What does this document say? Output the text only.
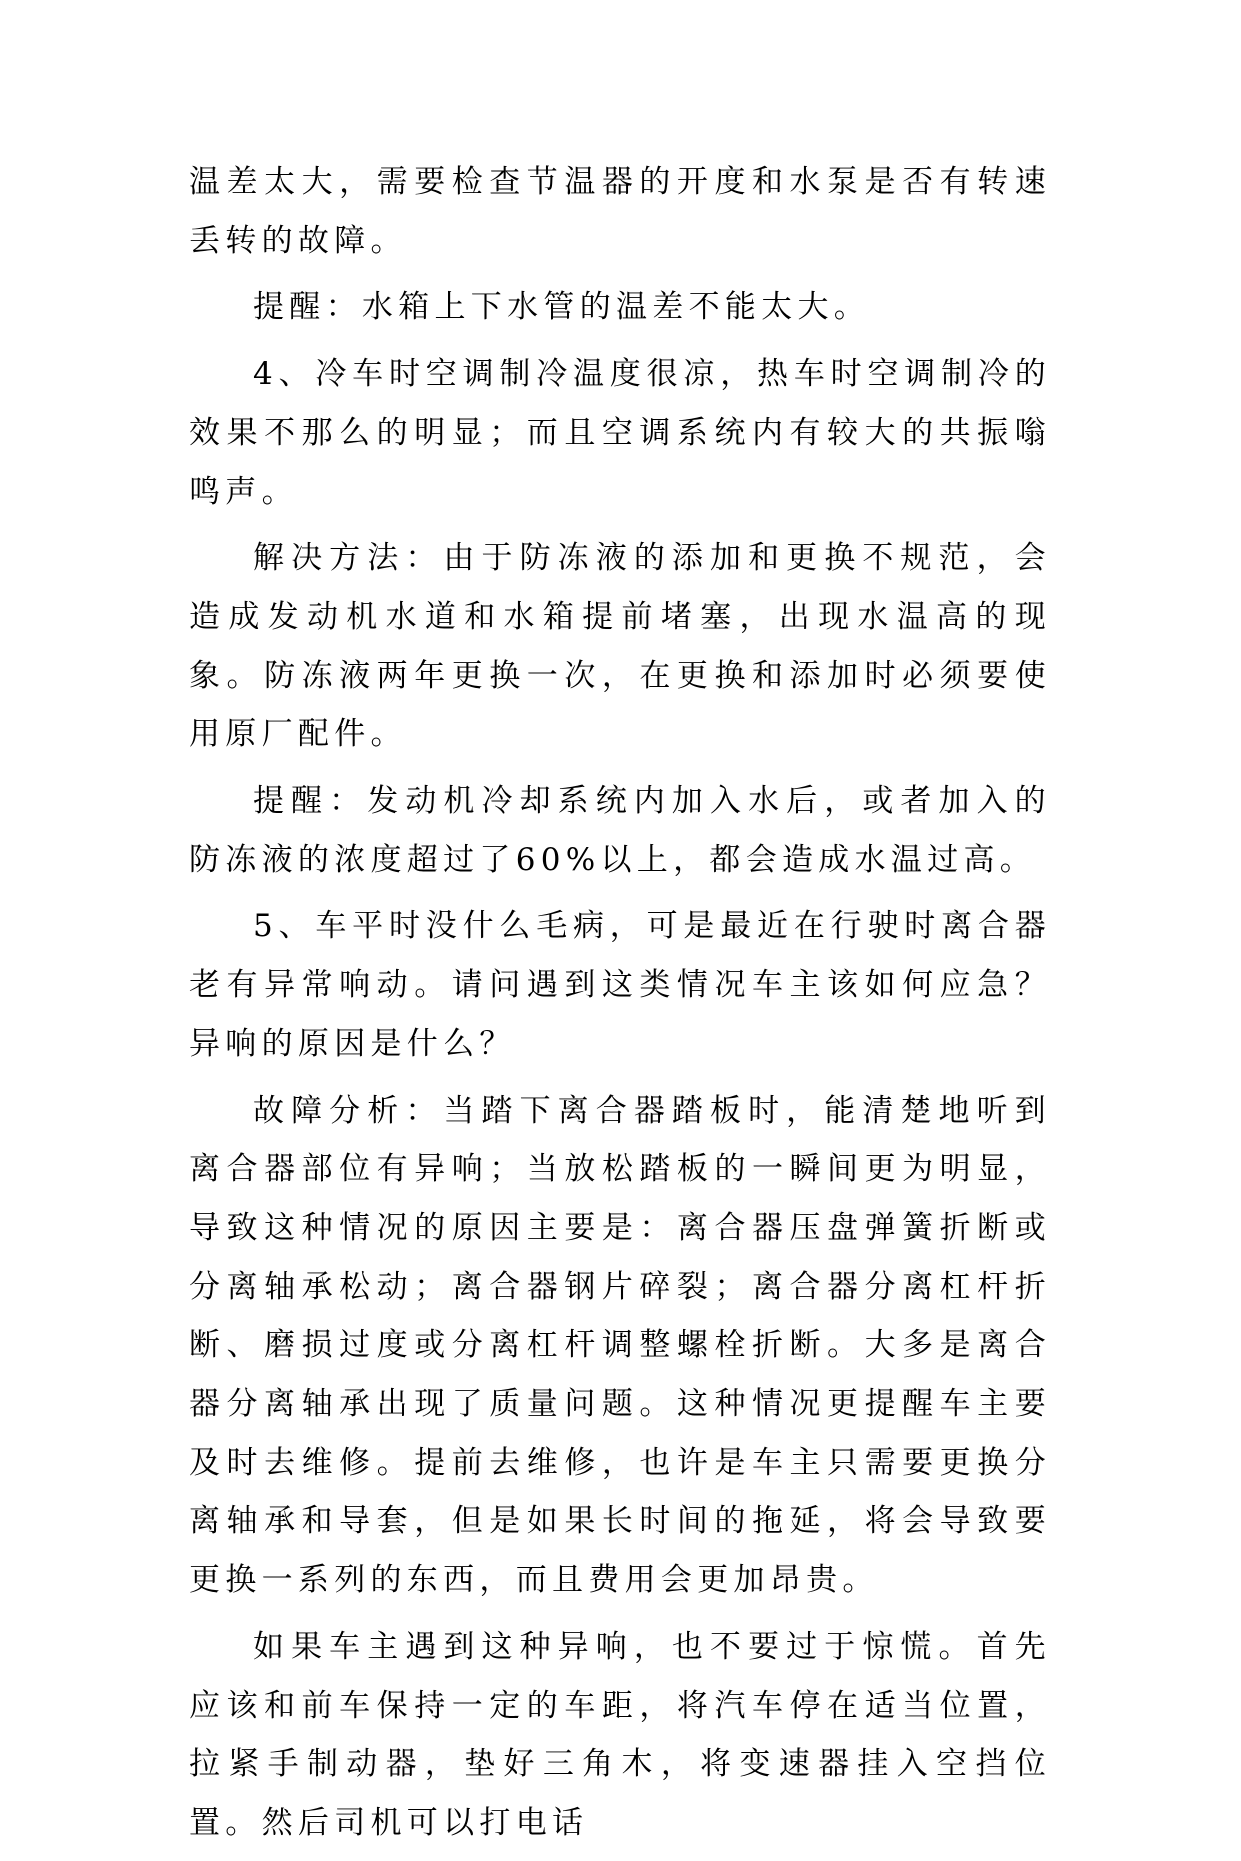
温差太大，需要检查节温器的开度和水泵是否有转速丢转的故障。

提醒：水箱上下水管的温差不能太大。

4、冷车时空调制冷温度很凉，热车时空调制冷的效果不那么的明显；而且空调系统内有较大的共振嗡鸣声。

解决方法：由于防冻液的添加和更换不规范，会造成发动机水道和水箱提前堵塞，出现水温高的现象。防冻液两年更换一次，在更换和添加时必须要使用原厂配件。

提醒：发动机冷却系统内加入水后，或者加入的防冻液的浓度超过了60%以上，都会造成水温过高。

5、车平时没什么毛病，可是最近在行驶时离合器老有异常响动。请问遇到这类情况车主该如何应急？异响的原因是什么？

故障分析：当踏下离合器踏板时，能清楚地听到离合器部位有异响；当放松踏板的一瞬间更为明显，导致这种情况的原因主要是：离合器压盘弹簧折断或分离轴承松动；离合器钢片碎裂；离合器分离杠杆折断、磨损过度或分离杠杆调整螺栓折断。大多是离合器分离轴承出现了质量问题。这种情况更提醒车主要及时去维修。提前去维修，也许是车主只需要更换分离轴承和导套，但是如果长时间的拖延，将会导致要更换一系列的东西，而且费用会更加昂贵。

如果车主遇到这种异响，也不要过于惊慌。首先应该和前车保持一定的车距，将汽车停在适当位置，拉紧手制动器，垫好三角木，将变速器挂入空挡位置。然后司机可以打电话
